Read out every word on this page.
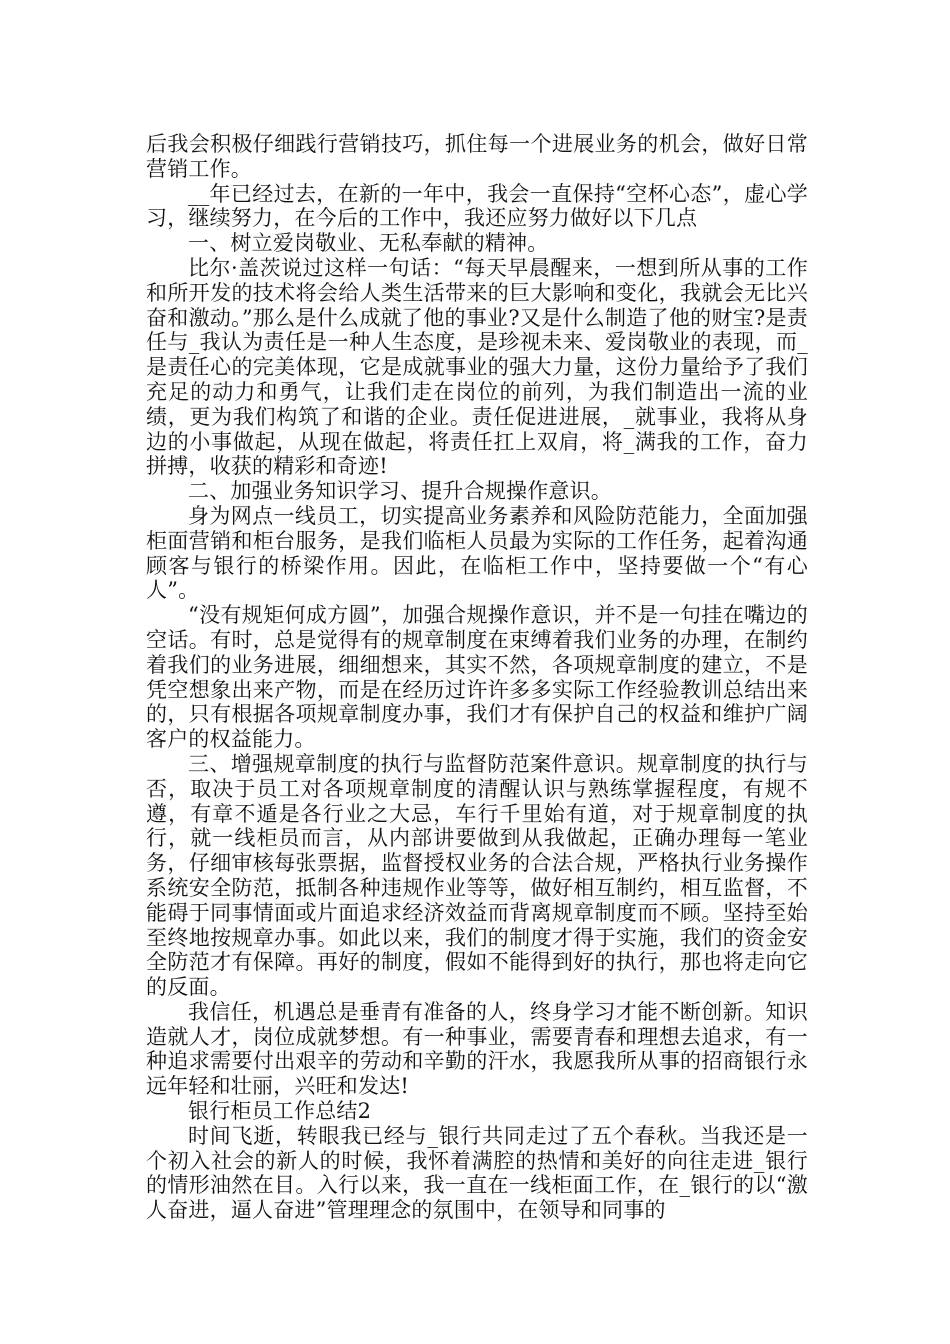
后我会积极仔细践行营销技巧，抓住每一个进展业务的机会，做好日常营销工作。

__年已经过去，在新的一年中，我会一直保持“空杯心态”，虚心学习，继续努力，在今后的工作中，我还应努力做好以下几点

一、树立爱岗敬业、无私奉献的精神。

比尔·盖茨说过这样一句话：“每天早晨醒来，一想到所从事的工作和所开发的技术将会给人类生活带来的巨大影响和变化，我就会无比兴奋和激动。”那么是什么成就了他的事业?又是什么制造了他的财宝?是责任与_我认为责任是一种人生态度，是珍视未来、爱岗敬业的表现，而_是责任心的完美体现，它是成就事业的强大力量，这份力量给予了我们充足的动力和勇气，让我们走在岗位的前列，为我们制造出一流的业绩，更为我们构筑了和谐的企业。责任促进进展，_就事业，我将从身边的小事做起，从现在做起，将责任扛上双肩，将_满我的工作，奋力拼搏，收获的精彩和奇迹!

二、加强业务知识学习、提升合规操作意识。

身为网点一线员工，切实提高业务素养和风险防范能力，全面加强柜面营销和柜台服务，是我们临柜人员最为实际的工作任务，起着沟通顾客与银行的桥梁作用。因此，在临柜工作中，坚持要做一个“有心人”。

“没有规矩何成方圆”，加强合规操作意识，并不是一句挂在嘴边的空话。有时，总是觉得有的规章制度在束缚着我们业务的办理，在制约着我们的业务进展，细细想来，其实不然，各项规章制度的建立，不是凭空想象出来产物，而是在经历过许许多多实际工作经验教训总结出来的，只有根据各项规章制度办事，我们才有保护自己的权益和维护广阔客户的权益能力。

三、增强规章制度的执行与监督防范案件意识。规章制度的执行与否，取决于员工对各项规章制度的清醒认识与熟练掌握程度，有规不遵，有章不遁是各行业之大忌，车行千里始有道，对于规章制度的执行，就一线柜员而言，从内部讲要做到从我做起，正确办理每一笔业务，仔细审核每张票据，监督授权业务的合法合规，严格执行业务操作系统安全防范，抵制各种违规作业等等，做好相互制约，相互监督，不能碍于同事情面或片面追求经济效益而背离规章制度而不顾。坚持至始至终地按规章办事。如此以来，我们的制度才得于实施，我们的资金安全防范才有保障。再好的制度，假如不能得到好的执行，那也将走向它的反面。

我信任，机遇总是垂青有准备的人，终身学习才能不断创新。知识造就人才，岗位成就梦想。有一种事业，需要青春和理想去追求，有一种追求需要付出艰辛的劳动和辛勤的汗水，我愿我所从事的招商银行永远年轻和壮丽，兴旺和发达!

银行柜员工作总结2

时间飞逝，转眼我已经与_银行共同走过了五个春秋。当我还是一个初入社会的新人的时候，我怀着满腔的热情和美好的向往走进_银行的情形油然在目。入行以来，我一直在一线柜面工作，在_银行的以“激人奋进，逼人奋进”管理理念的氛围中，在领导和同事的
